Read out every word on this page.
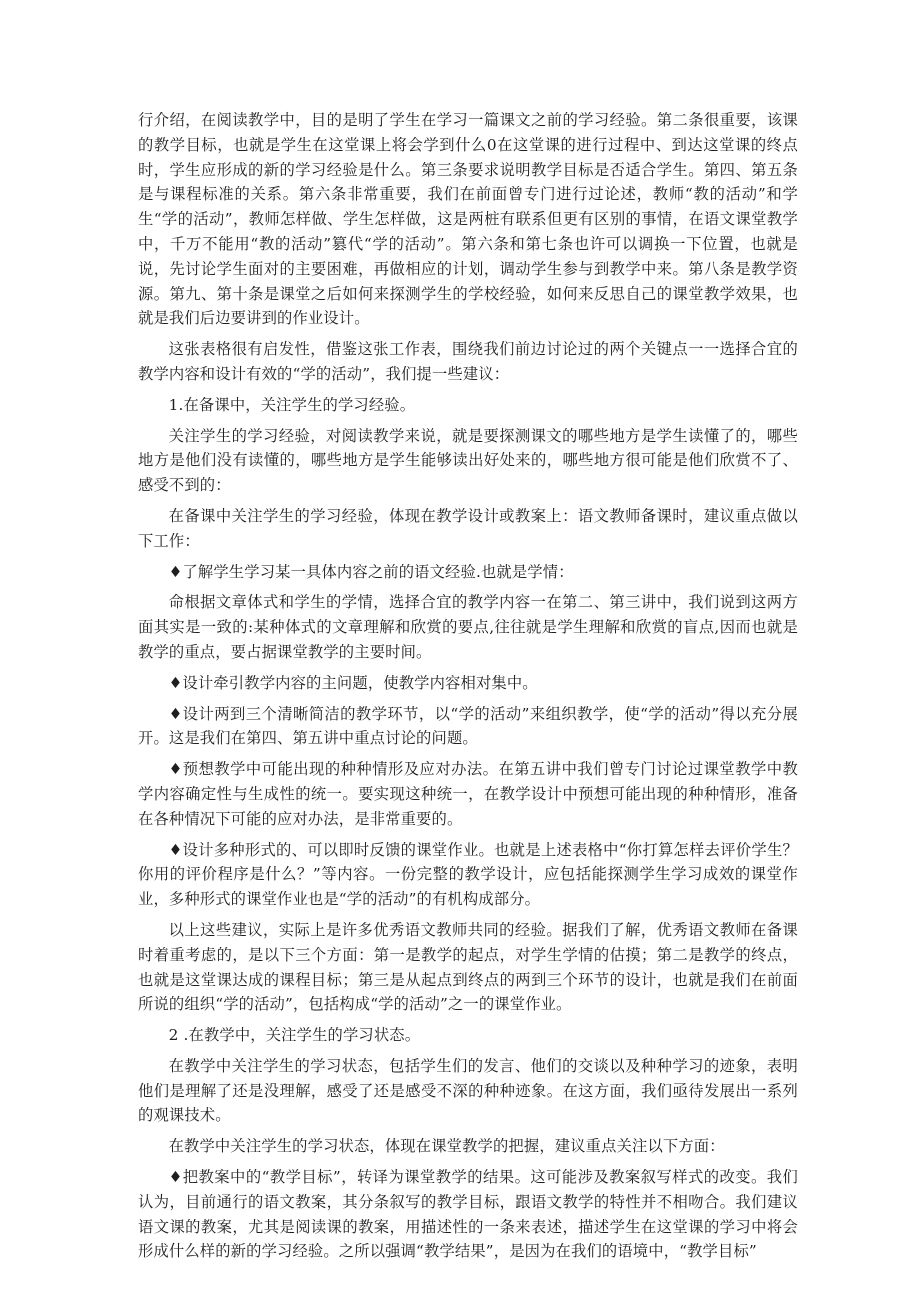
行介绍，在阅读教学中，目的是明了学生在学习一篇课文之前的学习经验。第二条很重要，该课的教学目标，也就是学生在这堂课上将会学到什么0在这堂课的进行过程中、到达这堂课的终点时，学生应形成的新的学习经验是什么。第三条要求说明教学目标是否适合学生。第四、第五条是与课程标准的关系。第六条非常重要，我们在前面曾专门进行过论述，教师“教的活动”和学生“学的活动”，教师怎样做、学生怎样做，这是两桩有联系但更有区别的事情，在语文课堂教学中，千万不能用“教的活动”篡代“学的活动”。第六条和第七条也许可以调换一下位置，也就是说，先讨论学生面对的主要困难，再做相应的计划，调动学生参与到教学中来。第八条是教学资源。第九、第十条是课堂之后如何来探测学生的学校经验，如何来反思自己的课堂教学效果，也就是我们后边要讲到的作业设计。

这张表格很有启发性，借鉴这张工作表，围绕我们前边讨论过的两个关键点一一选择合宜的教学内容和设计有效的“学的活动”，我们提一些建议：

1.在备课中，关注学生的学习经验。

关注学生的学习经验，对阅读教学来说，就是要探测课文的哪些地方是学生读懂了的，哪些地方是他们没有读懂的，哪些地方是学生能够读出好处来的，哪些地方很可能是他们欣赏不了、感受不到的：

在备课中关注学生的学习经验，体现在教学设计或教案上：语文教师备课时，建议重点做以下工作：

♦了解学生学习某一具体内容之前的语文经验.也就是学情：

命根据文章体式和学生的学情，选择合宜的教学内容一在第二、第三讲中，我们说到这两方面其实是一致的:某种体式的文章理解和欣赏的要点,往往就是学生理解和欣赏的盲点,因而也就是教学的重点，要占据课堂教学的主要时间。

♦设计牵引教学内容的主问题，使教学内容相对集中。

♦设计两到三个清晰简洁的教学环节，以“学的活动”来组织教学，使“学的活动”得以充分展开。这是我们在第四、第五讲中重点讨论的问题。

♦预想教学中可能出现的种种情形及应对办法。在第五讲中我们曾专门讨论过课堂教学中教学内容确定性与生成性的统一。要实现这种统一，在教学设计中预想可能出现的种种情形，准备在各种情况下可能的应对办法，是非常重要的。

♦设计多种形式的、可以即时反馈的课堂作业。也就是上述表格中“你打算怎样去评价学生？你用的评价程序是什么？”等内容。一份完整的教学设计，应包括能探测学生学习成效的课堂作业，多种形式的课堂作业也是“学的活动”的有机构成部分。

以上这些建议，实际上是许多优秀语文教师共同的经验。据我们了解，优秀语文教师在备课时着重考虑的，是以下三个方面：第一是教学的起点，对学生学情的估摸；第二是教学的终点，也就是这堂课达成的课程目标；第三是从起点到终点的两到三个环节的设计，也就是我们在前面所说的组织“学的活动”，包括构成“学的活动”之一的课堂作业。

2 .在教学中，关注学生的学习状态。

在教学中关注学生的学习状态，包括学生们的发言、他们的交谈以及种种学习的迹象，表明他们是理解了还是没理解，感受了还是感受不深的种种迹象。在这方面，我们亟待发展出一系列的观课技术。

在教学中关注学生的学习状态，体现在课堂教学的把握，建议重点关注以下方面：

♦把教案中的“教学目标”，转译为课堂教学的结果。这可能涉及教案叙写样式的改变。我们认为，目前通行的语文教案，其分条叙写的教学目标，跟语文教学的特性并不相吻合。我们建议语文课的教案，尤其是阅读课的教案，用描述性的一条来表述，描述学生在这堂课的学习中将会形成什么样的新的学习经验。之所以强调“教学结果”，是因为在我们的语境中，“教学目标”
